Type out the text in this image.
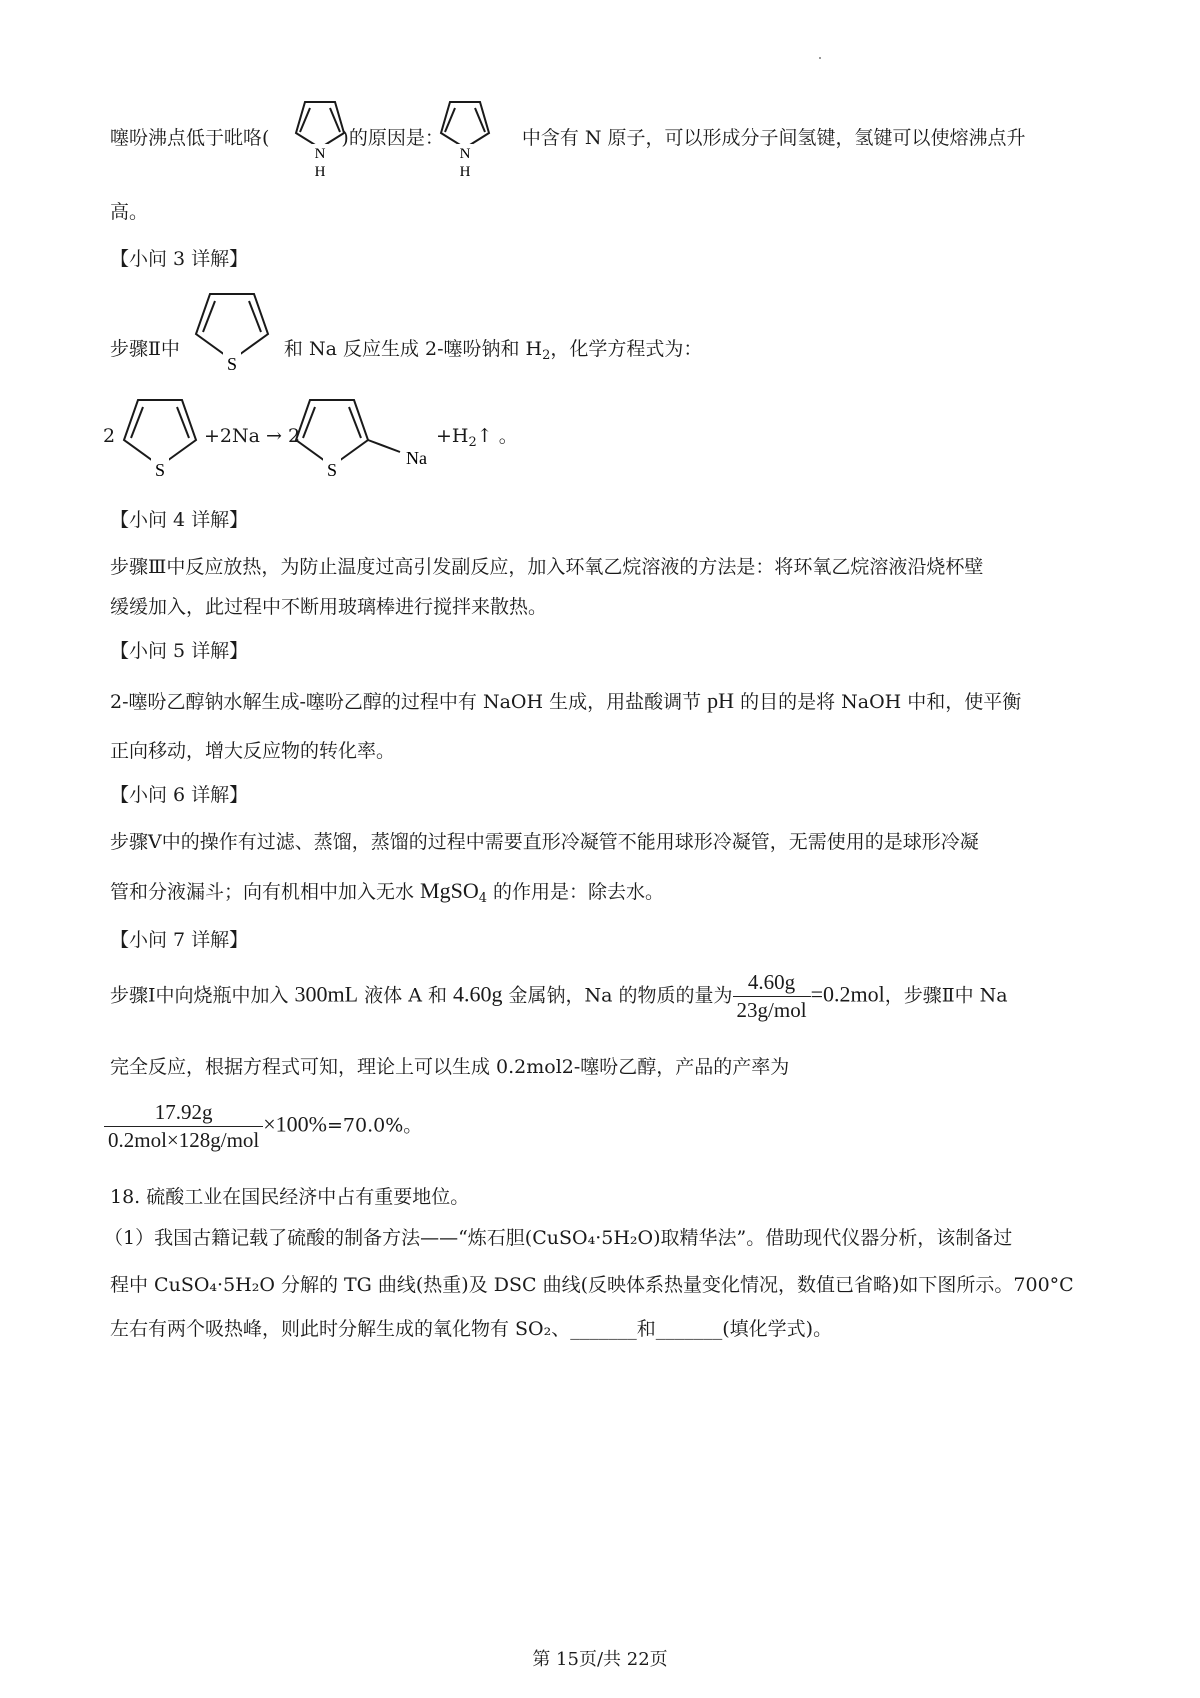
噻吩沸点低于吡咯(	)的原因是：	中含有 N 原子，可以形成分子间氢键，氢键可以使熔沸点升
N
H
N
H
高。
【小问 3 详解】
步骤Ⅱ中	和 Na 反应生成 2-噻吩钠和 $H_2$，化学方程式为：
S
2
S
+2Na → 2
S
Na
$+H_2↑$ 。
【小问 4 详解】
步骤Ⅲ中反应放热，为防止温度过高引发副反应，加入环氧乙烷溶液的方法是：将环氧乙烷溶液沿烧杯壁
缓缓加入，此过程中不断用玻璃棒进行搅拌来散热。
【小问 5 详解】
2-噻吩乙醇钠水解生成-噻吩乙醇的过程中有 NaOH 生成，用盐酸调节 pH 的目的是将 NaOH 中和，使平衡
正向移动，增大反应物的转化率。
【小问 6 详解】
步骤Ⅴ中的操作有过滤、蒸馏，蒸馏的过程中需要直形冷凝管不能用球形冷凝管，无需使用的是球形冷凝
管和分液漏斗；向有机相中加入无水 MgSO$_4$ 的作用是：除去水。
【小问 7 详解】
步骤Ⅰ中向烧瓶中加入 300mL 液体 A 和 4.60g 金属钠，Na 的物质的量为 $\frac{4.60g}{\text{23g/mol}} =0.2mol$，步骤Ⅱ中 Na
完全反应，根据方程式可知，理论上可以生成 0.2mol2-噻吩乙醇，产品的产率为
$\frac{17.92g}{\text{0.2mol×128g/mol}} \times 100\%=70.0\%$。
18. 硫酸工业在国民经济中占有重要地位。
（1）我国古籍记载了硫酸的制备方法——“炼石胆(CuSO₄·5H₂O)取精华法”。借助现代仪器分析，该制备过
程中 CuSO₄·5H₂O 分解的 TG 曲线(热重)及 DSC 曲线(反映体系热量变化情况，数值已省略)如下图所示。700°C
左右有两个吸热峰，则此时分解生成的氧化物有 SO₂、_______和_______(填化学式)。
第 15页/共 22页
